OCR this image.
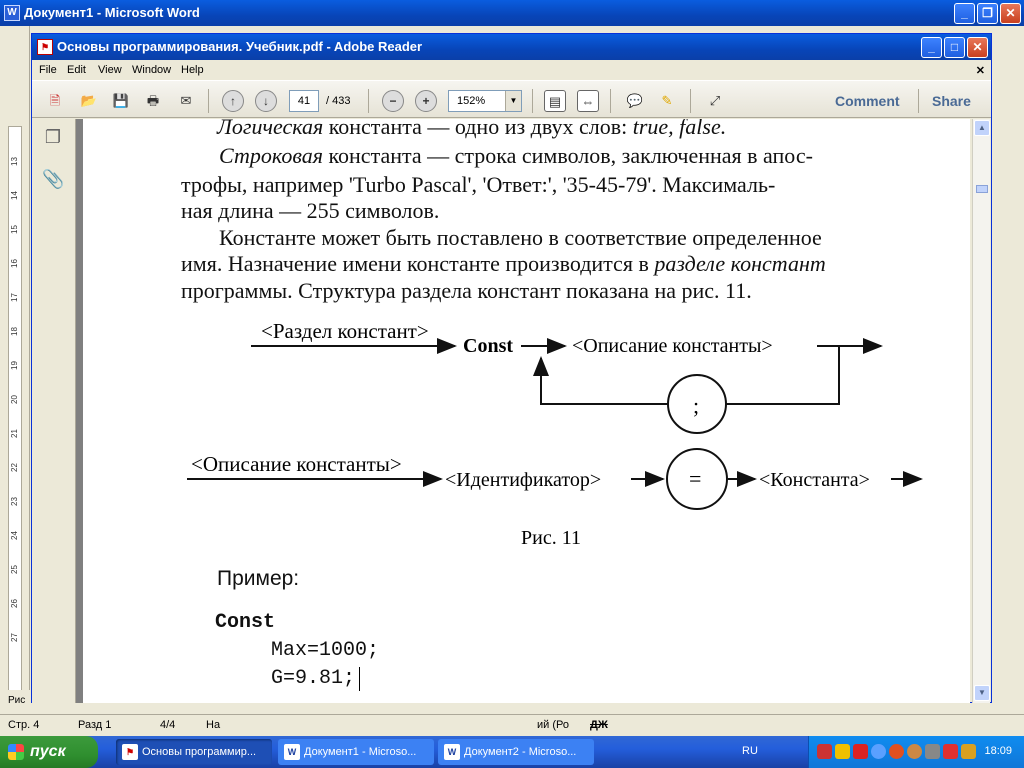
W Документ1 - Microsoft Word	_	❐	✕
13
14
15
16
17
18
19
20
21
22
23
24
25
26
27
Рис
Стр. 4	Разд 1	4/4	На	ий (Ро ДЖ
⚑ Основы программирования. Учебник.pdf - Adobe Reader	_	□	✕
File Edit View Window Help	✕
🗎	📂 💾	🖶	✉	↑	↓	41	/ 433	−	+	152%	▼	▤	⇔	💬	✎	⤢	Comment Share
❐
📎
Логическая константа — одно из двух слов: true, false.
Строковая константа — строка символов, заключенная в апос-
трофы, например 'Turbo Pascal', 'Ответ:', '35-45-79'. Максималь-
ная длина — 255 символов.
Константе может быть поставлено в соответствие определенное
имя. Назначение имени константе производится в разделе констант
программы. Структура раздела констант показана на рис. 11.
<Раздел констант>
Const	<Описание константы>
;
<Описание константы>
<Идентификатор>	=	<Константа>
Рис. 11
Пример:
Const
Max=1000;
G=9.81;
▲
▼
пуск	⚑ Основы программир...	W Документ1 - Microso...	W Документ2 - Microso...	RU	18:09
